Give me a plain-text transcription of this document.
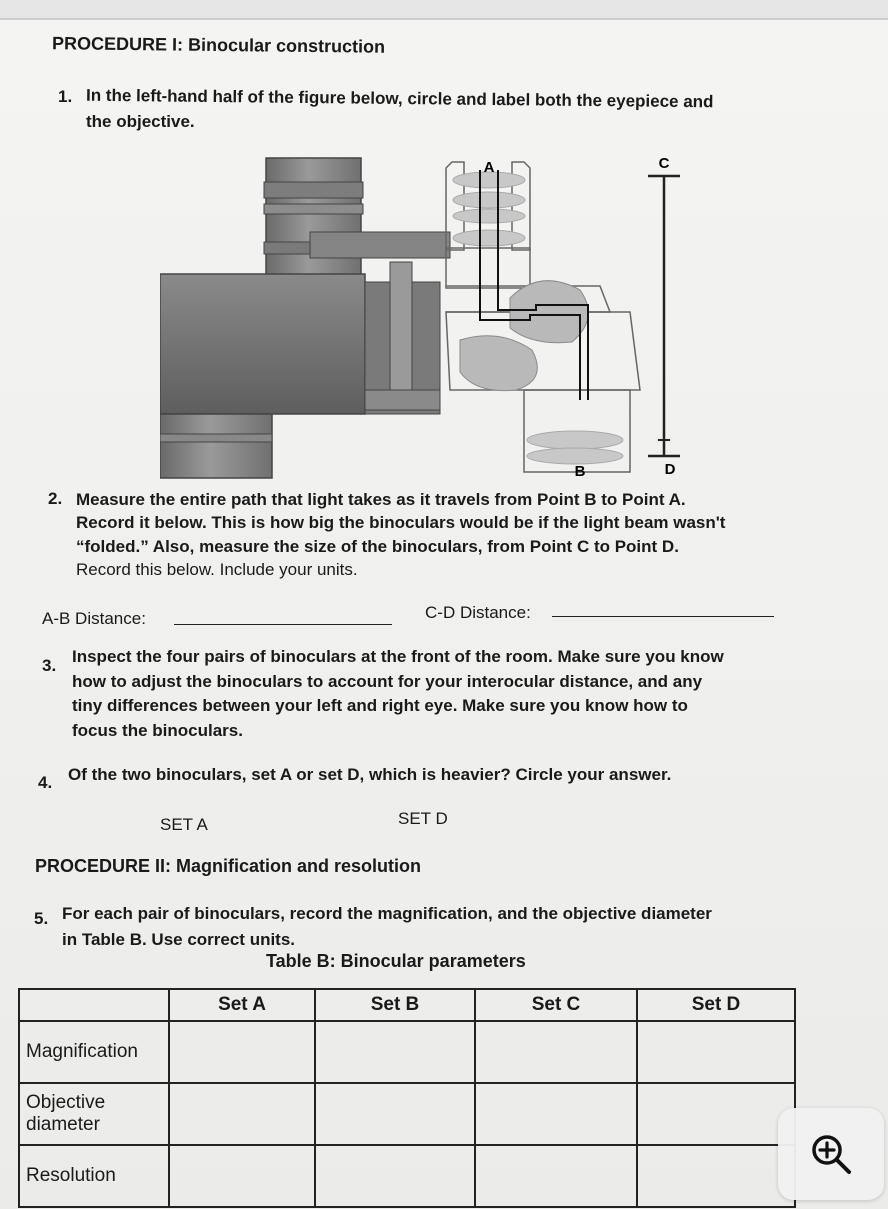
PROCEDURE I: Binocular construction
1. In the left-hand half of the figure below, circle and label both the eyepiece and
the objective.
A
B
C
D
2. Measure the entire path that light takes as it travels from Point B to Point A.
Record it below. This is how big the binoculars would be if the light beam wasn't
“folded.” Also, measure the size of the binoculars, from Point C to Point D.
Record this below. Include your units.
A-B Distance:	C-D Distance:
3. Inspect the four pairs of binoculars at the front of the room. Make sure you know
how to adjust the binoculars to account for your interocular distance, and any
tiny differences between your left and right eye. Make sure you know how to
focus the binoculars.
4. Of the two binoculars, set A or set D, which is heavier? Circle your answer.
SET A	SET D
PROCEDURE II: Magnification and resolution
5. For each pair of binoculars, record the magnification, and the objective diameter
in Table B. Use correct units.
Table B: Binocular parameters
	Set A	Set B	Set C	Set D
Magnification				
Objective
diameter				
Resolution				
